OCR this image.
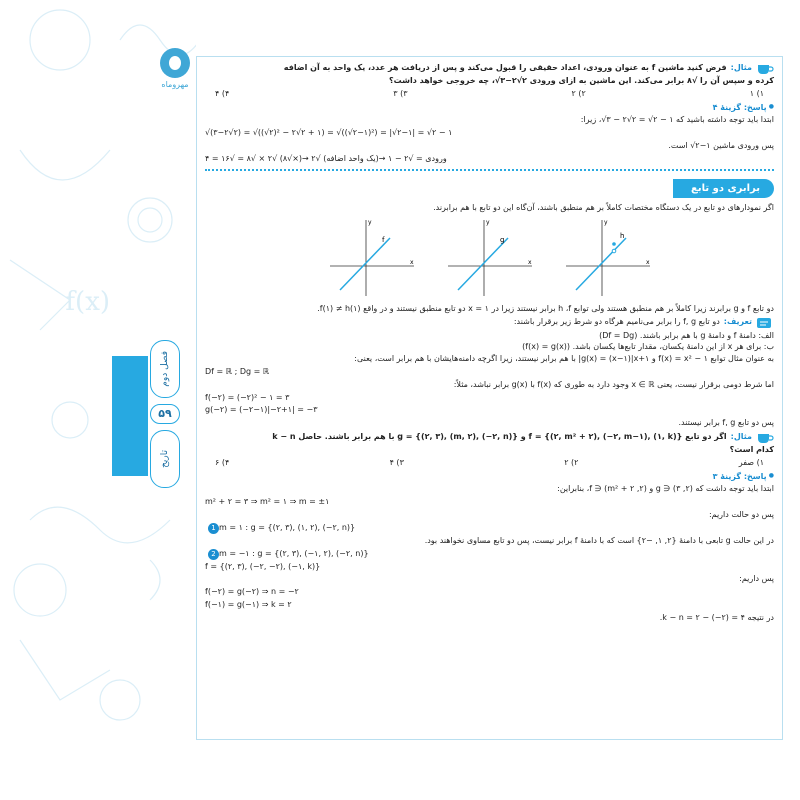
f(x)
مهروماه
فصل دوم
۵۹
تاریخ
مثال:
فرض کنید ماشین f به عنوان ورودی، اعداد حقیقی را قبول می‌کند و پس از دریافت هر عدد، یک واحد به آن اضافه

کرده و سپس آن را √۸ برابر می‌کند. این ماشین به ازای ورودی ۲√۲−۳√، چه خروجی خواهد داشت؟

۱) ۱
۲) ۲
۳) ۳
۴) ۴
● پاسخ: گزینهٔ ۴

ابتدا باید توجه داشته باشید که ۱ − ۲√ = ۲√۲ − ۳√، زیرا:

√(۳−۲√۲) = √((√۲)² − ۲√۲ + ۱) = √((√۲−۱)²) = |√۲−۱| = √۲ − ۱

پس ورودی ماشین ۱−۲√ است.

ورودی = √۲ − ۱ →(یک واحد اضافه) √۲ →(×√۸) √۲ × √۸ = √۱۶ = ۴
برابری دو تابع

اگر نمودارهای دو تابع در یک دستگاه مختصات کاملاً بر هم منطبق باشند، آن‌گاه این دو تابع با هم برابرند.

x
y
f
x
y
g
x
y
h

دو تابع f و g برابرند زیرا کاملاً بر هم منطبق هستند ولی توابع h ،f برابر نیستند زیرا در x = ۱ دو تابع منطبق نیستند و در واقع f(۱) ≠ h(۱).

تعریف:
دو تابع f, g را برابر می‌نامیم هرگاه دو شرط زیر برقرار باشند:

الف: دامنهٔ f و دامنهٔ g با هم برابر باشند. (Df = Dg)

ب: برای هر x از این دامنهٔ یکسان، مقدار تابع‌ها یکسان باشد. (f(x) = g(x))

به عنوان مثال توابع f(x) = x² − ۱ و g(x) = (x−۱)|x+۱| با هم برابر نیستند، زیرا اگرچه دامنه‌هایشان با هم برابر است، یعنی:

Df = ℝ ; Dg = ℝ

اما شرط دومی برقرار نیست، یعنی x ∈ ℝ وجود دارد به طوری که f(x) با g(x) برابر نباشد، مثلاً:

f(−۲) = (−۲)² − ۱ = ۳
g(−۲) = (−۲−۱)|−۲+۱| = −۳

پس دو تابع f, g برابر نیستند.

مثال:
اگر دو تابع f = {(۲, m² + ۲), (−۲, m−۱), (۱, k)} و g = {(۲, ۳), (m, ۲), (−۲, n)} با هم برابر باشند. حاصل k − n

کدام است؟

۱) صفر
۲) ۲
۳) ۴
۴) ۶
● پاسخ: گزینهٔ ۳

ابتدا باید توجه داشت که (۲, ۳) ∈ g و (۲, m² + ۲) ∈ f، بنابراین:

m² + ۲ = ۳ ⇒ m² = ۱ ⇒ m = ±۱

پس دو حالت داریم:

1 m = ۱ : g = {(۲, ۳), (۱, ۲), (−۲, n)}

در این حالت g تابعی با دامنهٔ {۲, ۱, −۲} است که با دامنهٔ f برابر نیست، پس دو تابع مساوی نخواهند بود.

2 m = −۱ : g = {(۲, ۳), (−۱, ۲), (−۲, n)}
f = {(۲, ۳), (−۲, −۲), (−۱, k)}

پس داریم:

f(−۲) = g(−۲) ⇒ n = −۲
f(−۱) = g(−۱) ⇒ k = ۲

در نتیجه k − n = ۲ − (−۲) = ۴.
